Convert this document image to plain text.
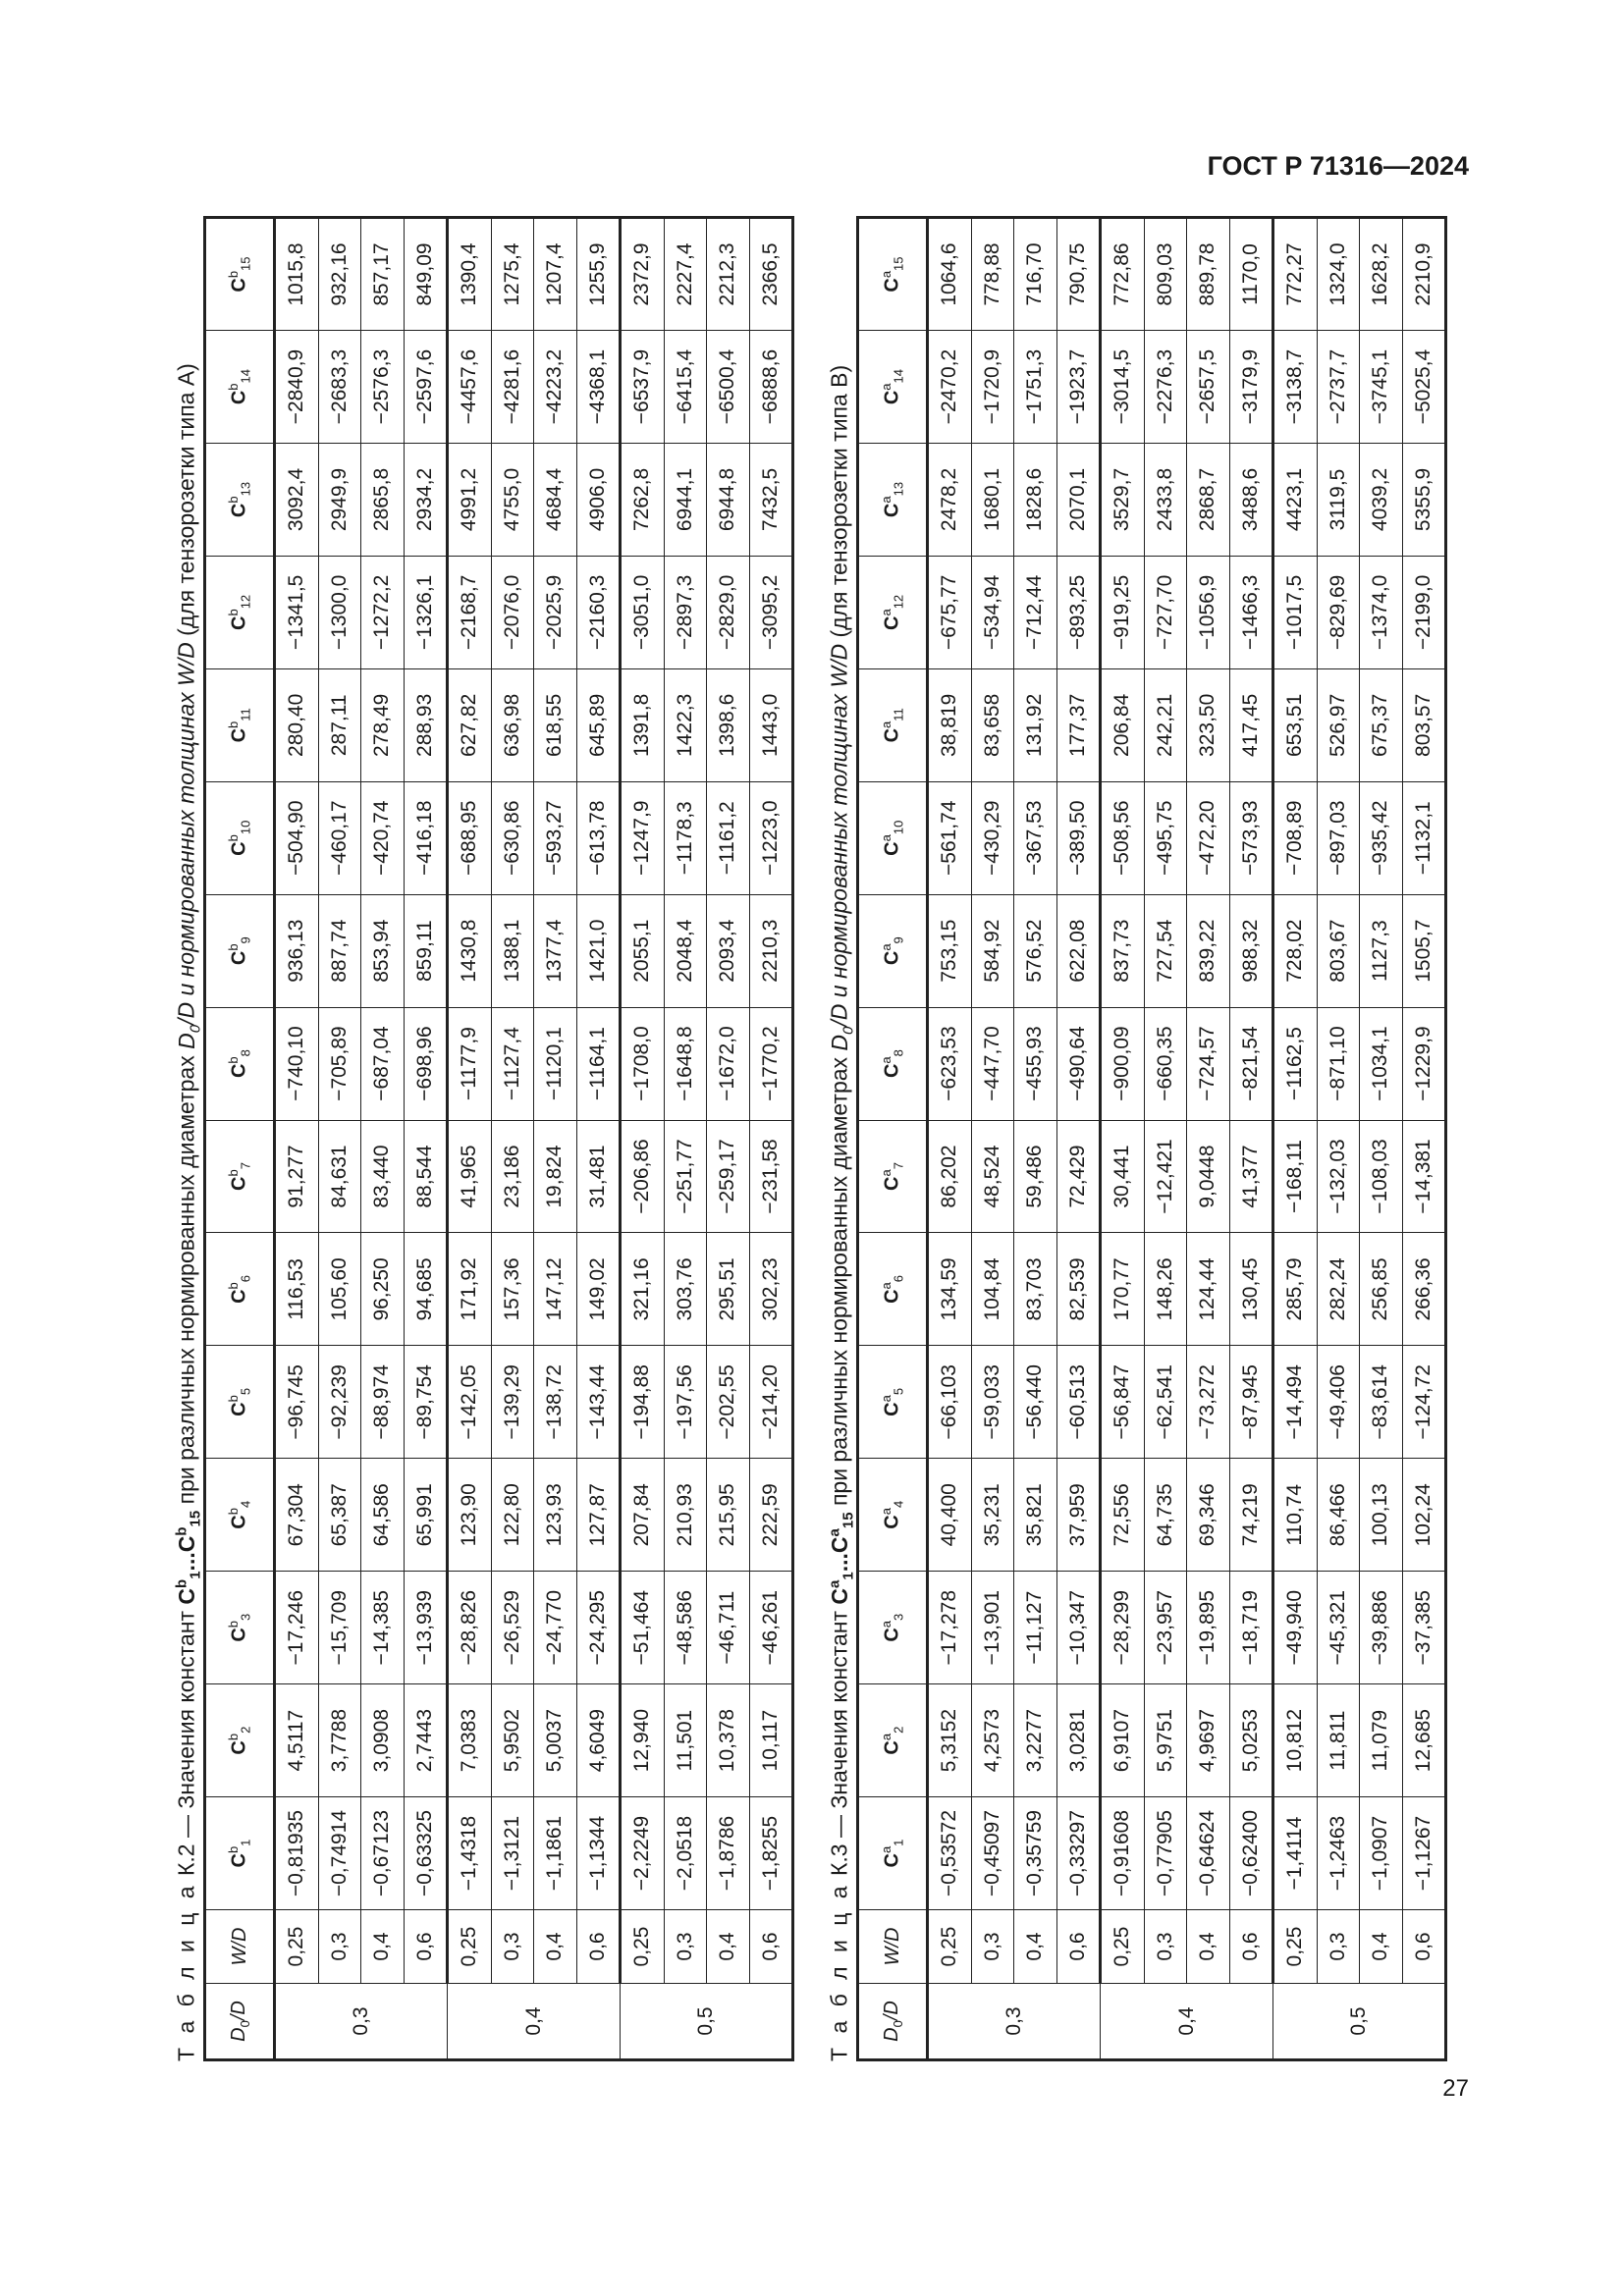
ГОСТ Р 71316—2024
Т а б л и ц а К.2 — Значения констант $C^b_1...C^b_{15}$ при различных нормированных диаметрах $D_0/D$ и нормированных толщинах W/D (для тензорозетки типа А)
$D_0/D$	W/D	$C^b_1$	$C^b_2$	$C^b_3$	$C^b_4$	$C^b_5$	$C^b_6$	$C^b_7$	$C^b_8$	$C^b_9$	$C^b_{10}$	$C^b_{11}$	$C^b_{12}$	$C^b_{13}$	$C^b_{14}$	$C^b_{15}$
0,3	0,25	−0,81935	4,5117	−17,246	67,304	−96,745	116,53	91,277	−740,10	936,13	−504,90	280,40	−1341,5	3092,4	−2840,9	1015,8
	0,3	−0,74914	3,7788	−15,709	65,387	−92,239	105,60	84,631	−705,89	887,74	−460,17	287,11	−1300,0	2949,9	−2683,3	932,16
	0,4	−0,67123	3,0908	−14,385	64,586	−88,974	96,250	83,440	−687,04	853,94	−420,74	278,49	−1272,2	2865,8	−2576,3	857,17
	0,6	−0,63325	2,7443	−13,939	65,991	−89,754	94,685	88,544	−698,96	859,11	−416,18	288,93	−1326,1	2934,2	−2597,6	849,09
0,4	0,25	−1,4318	7,0383	−28,826	123,90	−142,05	171,92	41,965	−1177,9	1430,8	−688,95	627,82	−2168,7	4991,2	−4457,6	1390,4
	0,3	−1,3121	5,9502	−26,529	122,80	−139,29	157,36	23,186	−1127,4	1388,1	−630,86	636,98	−2076,0	4755,0	−4281,6	1275,4
	0,4	−1,1861	5,0037	−24,770	123,93	−138,72	147,12	19,824	−1120,1	1377,4	−593,27	618,55	−2025,9	4684,4	−4223,2	1207,4
	0,6	−1,1344	4,6049	−24,295	127,87	−143,44	149,02	31,481	−1164,1	1421,0	−613,78	645,89	−2160,3	4906,0	−4368,1	1255,9
0,5	0,25	−2,2249	12,940	−51,464	207,84	−194,88	321,16	−206,86	−1708,0	2055,1	−1247,9	1391,8	−3051,0	7262,8	−6537,9	2372,9
	0,3	−2,0518	11,501	−48,586	210,93	−197,56	303,76	−251,77	−1648,8	2048,4	−1178,3	1422,3	−2897,3	6944,1	−6415,4	2227,4
	0,4	−1,8786	10,378	−46,711	215,95	−202,55	295,51	−259,17	−1672,0	2093,4	−1161,2	1398,6	−2829,0	6944,8	−6500,4	2212,3
	0,6	−1,8255	10,117	−46,261	222,59	−214,20	302,23	−231,58	−1770,2	2210,3	−1223,0	1443,0	−3095,2	7432,5	−6888,6	2366,5
Т а б л и ц а К.3 — Значения констант $C^a_1...C^a_{15}$ при различных нормированных диаметрах $D_0/D$ и нормированных толщинах W/D (для тензорозетки типа В)
$D_0/D$	W/D	$C^a_1$	$C^a_2$	$C^a_3$	$C^a_4$	$C^a_5$	$C^a_6$	$C^a_7$	$C^a_8$	$C^a_9$	$C^a_{10}$	$C^a_{11}$	$C^a_{12}$	$C^a_{13}$	$C^a_{14}$	$C^a_{15}$
0,3	0,25	−0,53572	5,3152	−17,278	40,400	−66,103	134,59	86,202	−623,53	753,15	−561,74	38,819	−675,77	2478,2	−2470,2	1064,6
	0,3	−0,45097	4,2573	−13,901	35,231	−59,033	104,84	48,524	−447,70	584,92	−430,29	83,658	−534,94	1680,1	−1720,9	778,88
	0,4	−0,35759	3,2277	−11,127	35,821	−56,440	83,703	59,486	−455,93	576,52	−367,53	131,92	−712,44	1828,6	−1751,3	716,70
	0,6	−0,33297	3,0281	−10,347	37,959	−60,513	82,539	72,429	−490,64	622,08	−389,50	177,37	−893,25	2070,1	−1923,7	790,75
0,4	0,25	−0,91608	6,9107	−28,299	72,556	−56,847	170,77	30,441	−900,09	837,73	−508,56	206,84	−919,25	3529,7	−3014,5	772,86
	0,3	−0,77905	5,9751	−23,957	64,735	−62,541	148,26	−12,421	−660,35	727,54	−495,75	242,21	−727,70	2433,8	−2276,3	809,03
	0,4	−0,64624	4,9697	−19,895	69,346	−73,272	124,44	9,0448	−724,57	839,22	−472,20	323,50	−1056,9	2868,7	−2657,5	889,78
	0,6	−0,62400	5,0253	−18,719	74,219	−87,945	130,45	41,377	−821,54	988,32	−573,93	417,45	−1466,3	3488,6	−3179,9	1170,0
0,5	0,25	−1,4114	10,812	−49,940	110,74	−14,494	285,79	−168,11	−1162,5	728,02	−708,89	653,51	−1017,5	4423,1	−3138,7	772,27
	0,3	−1,2463	11,811	−45,321	86,466	−49,406	282,24	−132,03	−871,10	803,67	−897,03	526,97	−829,69	3119,5	−2737,7	1324,0
	0,4	−1,0907	11,079	−39,886	100,13	−83,614	256,85	−108,03	−1034,1	1127,3	−935,42	675,37	−1374,0	4039,2	−3745,1	1628,2
	0,6	−1,1267	12,685	−37,385	102,24	−124,72	266,36	−14,381	−1229,9	1505,7	−1132,1	803,57	−2199,0	5355,9	−5025,4	2210,9
27
